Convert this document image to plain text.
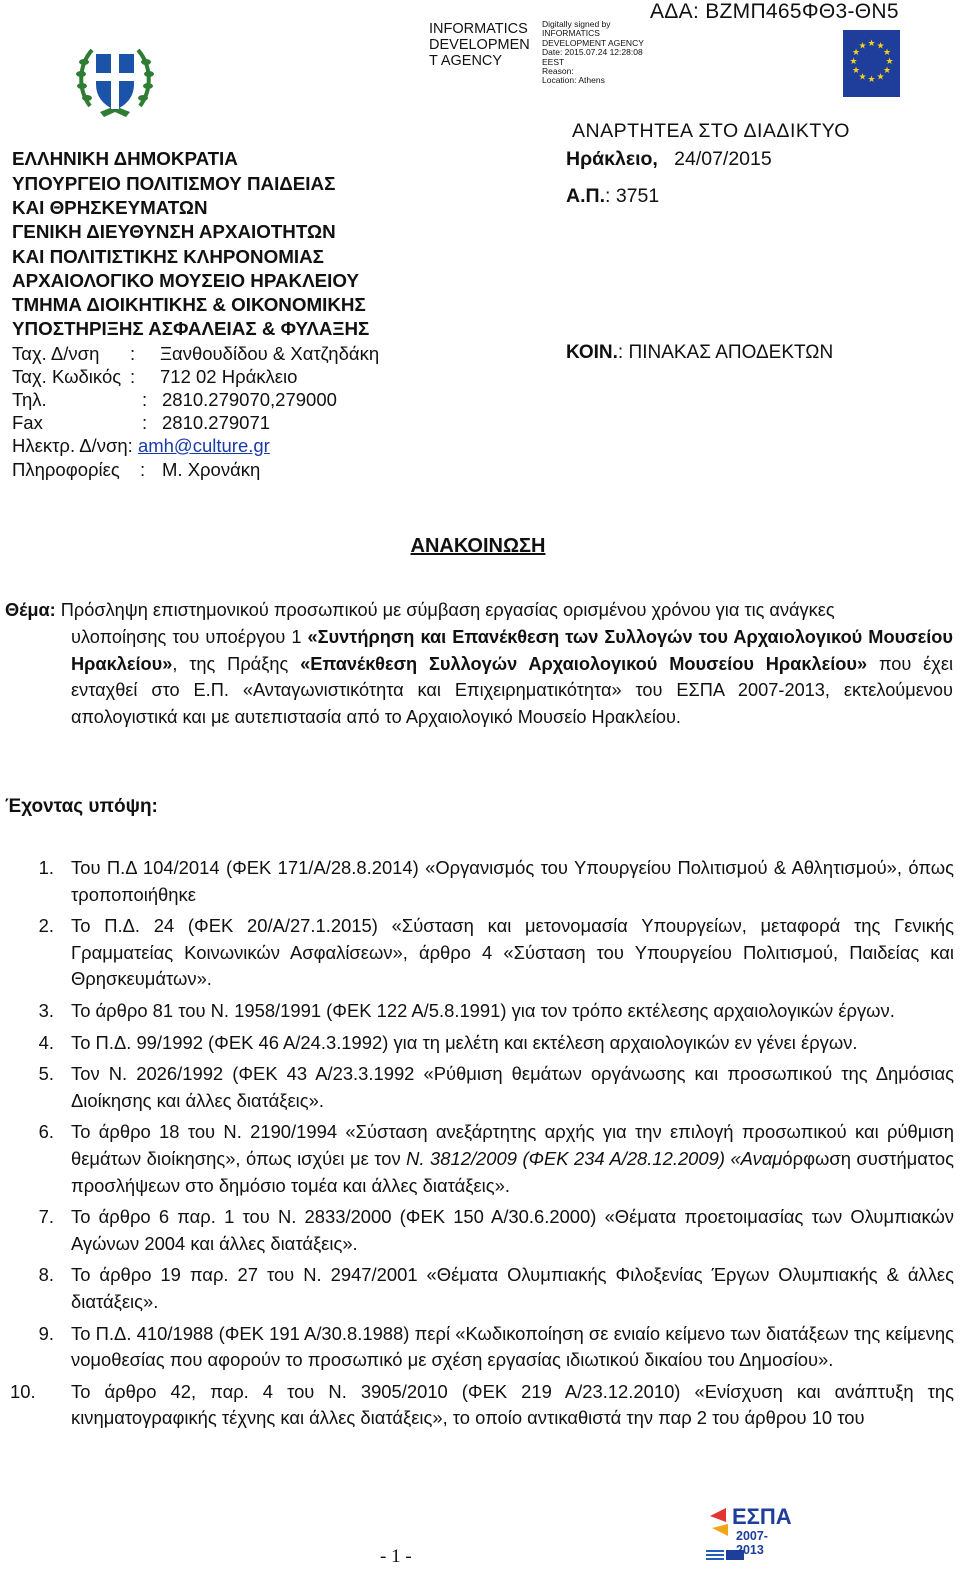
ΑΔΑ: ΒΖΜΠ465ΦΘ3-ΘΝ5
INFORMATICS DEVELOPMEN T AGENCY
Digitally signed by
INFORMATICS
DEVELOPMENT AGENCY
Date: 2015.07.24 12:28:08
EEST
Reason:
Location: Athens
★ ★
★
★
★
★
★
★
★
★
★
★
ΕΛΛΗΝΙΚΗ ΔΗΜΟΚΡΑΤΙΑ
ΥΠΟΥΡΓΕΙΟ ΠΟΛΙΤΙΣΜΟΥ ΠΑΙΔΕΙΑΣ
ΚΑΙ ΘΡΗΣΚΕΥΜΑΤΩΝ
ΓΕΝΙΚΗ ΔΙΕΥΘΥΝΣΗ ΑΡΧΑΙΟΤΗΤΩΝ
ΚΑΙ ΠΟΛΙΤΙΣΤΙΚΗΣ ΚΛΗΡΟΝΟΜΙΑΣ
ΑΡΧΑΙΟΛΟΓΙΚΟ ΜΟΥΣΕΙΟ ΗΡΑΚΛΕΙΟΥ
ΤΜΗΜΑ ΔΙΟΙΚΗΤΙΚΗΣ & ΟΙΚΟΝΟΜΙΚΗΣ
ΥΠΟΣΤΗΡΙΞΗΣ ΑΣΦΑΛΕΙΑΣ & ΦΥΛΑΞΗΣ
Ταχ. Δ/νση : Ξανθουδίδου & Χατζηδάκη
Ταχ. Κωδικός : 712 02 Ηράκλειο
Τηλ.	: 2810.279070,279000
Fax	: 2810.279071
Ηλεκτρ. Δ/νση: amh@culture.gr
Πληροφορίες : Μ. Χρονάκη
ΑΝΑΡΤΗΤΕΑ ΣΤΟ ΔΙΑΔΙΚΤΥΟ
Ηράκλειο, 24/07/2015
Α.Π.: 3751
ΚΟΙΝ.: ΠΙΝΑΚΑΣ ΑΠΟΔΕΚΤΩΝ
ΑΝΑΚΟΙΝΩΣΗ
Θέμα: Πρόσληψη επιστημονικού προσωπικού με σύμβαση εργασίας ορισμένου χρόνου για τις ανάγκες
υλοποίησης του υποέργου 1 «Συντήρηση και Επανέκθεση των Συλλογών του Αρχαιολογικού Μουσείου Ηρακλείου», της Πράξης «Επανέκθεση Συλλογών Αρχαιολογικού Μουσείου Ηρακλείου» που έχει ενταχθεί στο Ε.Π. «Ανταγωνιστικότητα και Επιχειρηματικότητα» του ΕΣΠΑ 2007-2013, εκτελούμενου απολογιστικά και με αυτεπιστασία από το Αρχαιολογικό Μουσείο Ηρακλείου.
Έχοντας υπόψη:
1. Του Π.Δ 104/2014 (ΦΕΚ 171/Α/28.8.2014) «Οργανισμός του Υπουργείου Πολιτισμού & Αθλητισμού», όπως τροποποιήθηκε
2. Το Π.Δ. 24 (ΦΕΚ 20/Α/27.1.2015) «Σύσταση και μετονομασία Υπουργείων, μεταφορά της Γενικής Γραμματείας Κοινωνικών Ασφαλίσεων», άρθρο 4 «Σύσταση του Υπουργείου Πολιτισμού, Παιδείας και Θρησκευμάτων».
3. Το άρθρο 81 του Ν. 1958/1991 (ΦΕΚ 122 Α/5.8.1991) για τον τρόπο εκτέλεσης αρχαιολογικών έργων.
4. Το Π.Δ. 99/1992 (ΦΕΚ 46 Α/24.3.1992) για τη μελέτη και εκτέλεση αρχαιολογικών εν γένει έργων.
5. Τον Ν. 2026/1992 (ΦΕΚ 43 Α/23.3.1992 «Ρύθμιση θεμάτων οργάνωσης και προσωπικού της Δημόσιας Διοίκησης και άλλες διατάξεις».
6. Το άρθρο 18 του Ν. 2190/1994 «Σύσταση ανεξάρτητης αρχής για την επιλογή προσωπικού και ρύθμιση θεμάτων διοίκησης», όπως ισχύει με τον Ν. 3812/2009 (ΦΕΚ 234 Α/28.12.2009) «Αναμόρφωση συστήματος προσλήψεων στο δημόσιο τομέα και άλλες διατάξεις».
7. Το άρθρο 6 παρ. 1 του Ν. 2833/2000 (ΦΕΚ 150 Α/30.6.2000) «Θέματα προετοιμασίας των Ολυμπιακών Αγώνων 2004 και άλλες διατάξεις».
8. Το άρθρο 19 παρ. 27 του Ν. 2947/2001 «Θέματα Ολυμπιακής Φιλοξενίας Έργων Ολυμπιακής & άλλες διατάξεις».
9. Το Π.Δ. 410/1988 (ΦΕΚ 191 Α/30.8.1988) περί «Κωδικοποίηση σε ενιαίο κείμενο των διατάξεων της κείμενης νομοθεσίας που αφορούν το προσωπικό με σχέση εργασίας ιδιωτικού δικαίου του Δημοσίου».
10.	Το άρθρο 42, παρ. 4 του Ν. 3905/2010 (ΦΕΚ 219 Α/23.12.2010) «Ενίσχυση και ανάπτυξη της κινηματογραφικής τέχνης και άλλες διατάξεις», το οποίο αντικαθιστά την παρ 2 του άρθρου 10 του
ΕΣΠΑ
2007-2013
- 1 -
